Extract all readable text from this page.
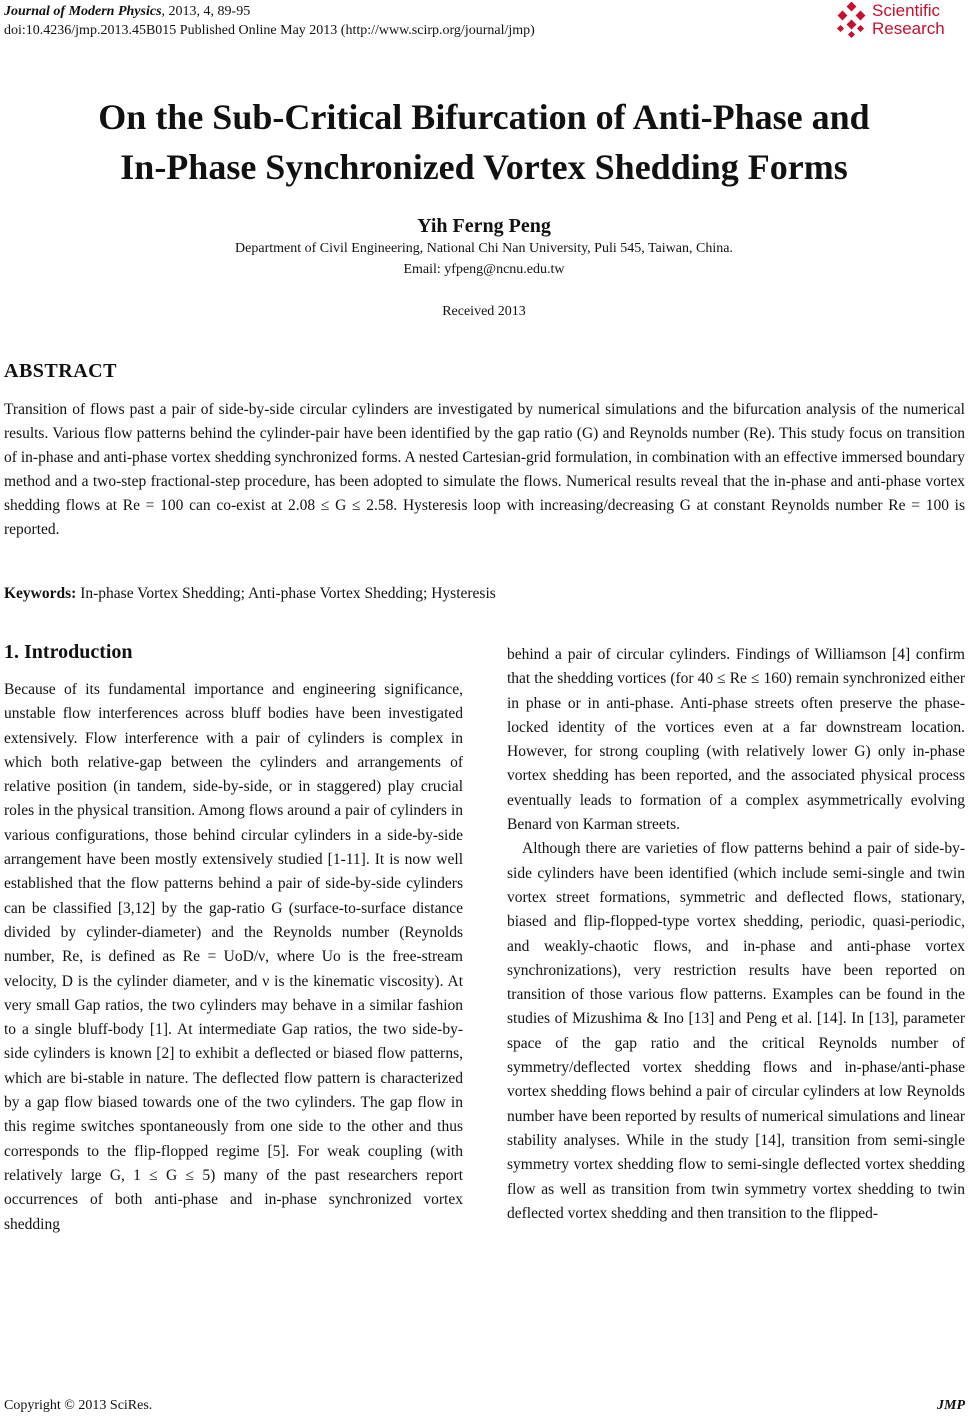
Journal of Modern Physics, 2013, 4, 89-95
doi:10.4236/jmp.2013.45B015 Published Online May 2013 (http://www.scirp.org/journal/jmp)
Scientific
Research
On the Sub-Critical Bifurcation of Anti-Phase and
In-Phase Synchronized Vortex Shedding Forms
Yih Ferng Peng
Department of Civil Engineering, National Chi Nan University, Puli 545, Taiwan, China.
Email: yfpeng@ncnu.edu.tw
Received 2013
ABSTRACT
Transition of flows past a pair of side-by-side circular cylinders are investigated by numerical simulations and the bifurcation analysis of the numerical results. Various flow patterns behind the cylinder-pair have been identified by the gap ratio (G) and Reynolds number (Re). This study focus on transition of in-phase and anti-phase vortex shedding synchronized forms. A nested Cartesian-grid formulation, in combination with an effective immersed boundary method and a two-step fractional-step procedure, has been adopted to simulate the flows. Numerical results reveal that the in-phase and anti-phase vortex shedding flows at Re = 100 can co-exist at 2.08 ≤ G ≤ 2.58. Hysteresis loop with increasing/decreasing G at constant Reynolds number Re = 100 is reported.
Keywords: In-phase Vortex Shedding; Anti-phase Vortex Shedding; Hysteresis
1. Introduction
Because of its fundamental importance and engineering significance, unstable flow interferences across bluff bodies have been investigated extensively. Flow interference with a pair of cylinders is complex in which both relative-gap between the cylinders and arrangements of relative position (in tandem, side-by-side, or in staggered) play crucial roles in the physical transition. Among flows around a pair of cylinders in various configurations, those behind circular cylinders in a side-by-side arrangement have been mostly extensively studied [1-11]. It is now well established that the flow patterns behind a pair of side-by-side cylinders can be classified [3,12] by the gap-ratio G (surface-to-surface distance divided by cylinder-diameter) and the Reynolds number (Reynolds number, Re, is defined as Re = UoD/ν, where Uo is the free-stream velocity, D is the cylinder diameter, and ν is the kinematic viscosity). At very small Gap ratios, the two cylinders may behave in a similar fashion to a single bluff-body [1]. At intermediate Gap ratios, the two side-by-side cylinders is known [2] to exhibit a deflected or biased flow patterns, which are bi-stable in nature. The deflected flow pattern is characterized by a gap flow biased towards one of the two cylinders. The gap flow in this regime switches spontaneously from one side to the other and thus corresponds to the flip-flopped regime [5]. For weak coupling (with relatively large G, 1 ≤ G ≤ 5) many of the past researchers report occurrences of both anti-phase and in-phase synchronized vortex shedding

behind a pair of circular cylinders. Findings of Williamson [4] confirm that the shedding vortices (for 40 ≤ Re ≤ 160) remain synchronized either in phase or in anti-phase. Anti-phase streets often preserve the phase-locked identity of the vortices even at a far downstream location. However, for strong coupling (with relatively lower G) only in-phase vortex shedding has been reported, and the associated physical process eventually leads to formation of a complex asymmetrically evolving Benard von Karman streets.

Although there are varieties of flow patterns behind a pair of side-by-side cylinders have been identified (which include semi-single and twin vortex street formations, symmetric and deflected flows, stationary, biased and flip-flopped-type vortex shedding, periodic, quasi-periodic, and weakly-chaotic flows, and in-phase and anti-phase vortex synchronizations), very restriction results have been reported on transition of those various flow patterns. Examples can be found in the studies of Mizushima & Ino [13] and Peng et al. [14]. In [13], parameter space of the gap ratio and the critical Reynolds number of symmetry/deflected vortex shedding flows and in-phase/anti-phase vortex shedding flows behind a pair of circular cylinders at low Reynolds number have been reported by results of numerical simulations and linear stability analyses. While in the study [14], transition from semi-single symmetry vortex shedding flow to semi-single deflected vortex shedding flow as well as transition from twin symmetry vortex shedding to twin deflected vortex shedding and then transition to the flipped-

Copyright © 2013 SciRes.	JMP
